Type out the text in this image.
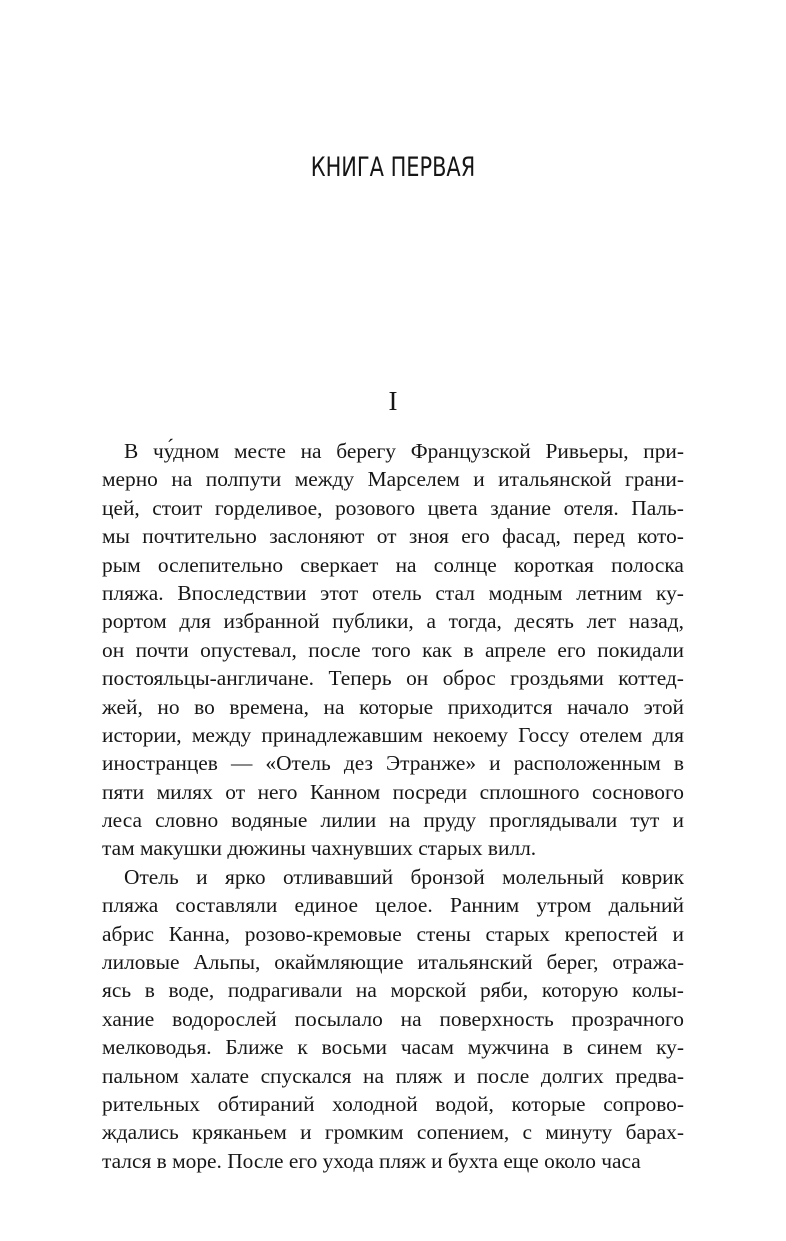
КНИГА ПЕРВАЯ
I
В чу́дном месте на берегу Французской Ривьеры, при-
мерно на полпути между Марселем и итальянской грани-
цей, стоит горделивое, розового цвета здание отеля. Паль-
мы почтительно заслоняют от зноя его фасад, перед кото-
рым ослепительно сверкает на солнце короткая полоска
пляжа. Впоследствии этот отель стал модным летним ку-
рортом для избранной публики, а тогда, десять лет назад,
он почти опустевал, после того как в апреле его покидали
постояльцы-англичане. Теперь он оброс гроздьями коттед-
жей, но во времена, на которые приходится начало этой
истории, между принадлежавшим некоему Госсу отелем для
иностранцев — «Отель дез Этранже» и расположенным в
пяти милях от него Канном посреди сплошного соснового
леса словно водяные лилии на пруду проглядывали тут и
там макушки дюжины чахнувших старых вилл.
Отель и ярко отливавший бронзой молельный коврик
пляжа составляли единое целое. Ранним утром дальний
абрис Канна, розово-кремовые стены старых крепостей и
лиловые Альпы, окаймляющие итальянский берег, отража-
ясь в воде, подрагивали на морской ряби, которую колы-
хание водорослей посылало на поверхность прозрачного
мелководья. Ближе к восьми часам мужчина в синем ку-
пальном халате спускался на пляж и после долгих предва-
рительных обтираний холодной водой, которые сопрово-
ждались кряканьем и громким сопением, с минуту барах-
тался в море. После его ухода пляж и бухта еще около часа
